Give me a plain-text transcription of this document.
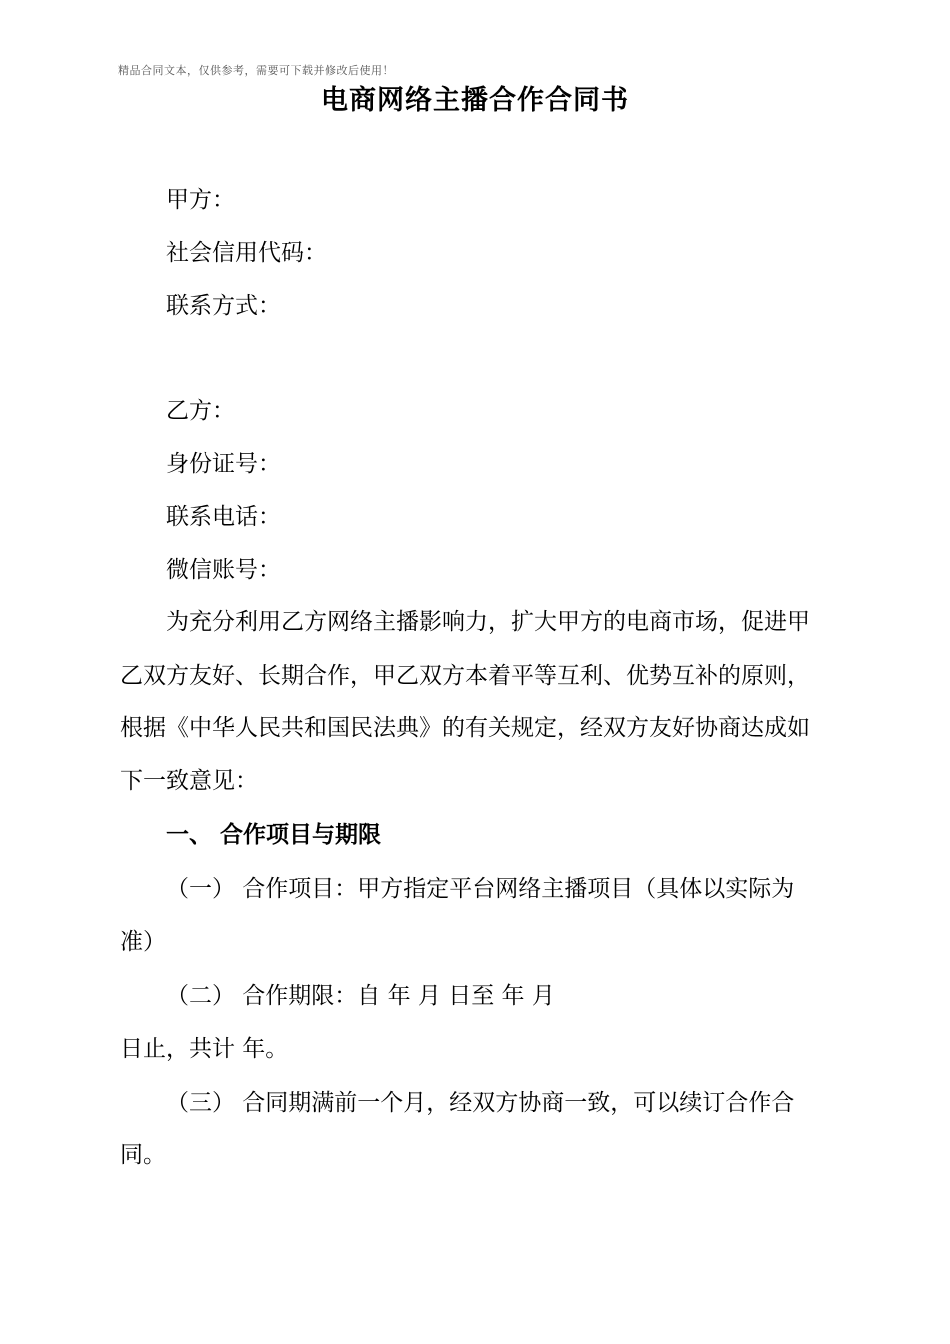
精品合同文本，仅供参考，需要可下载并修改后使用！
电商网络主播合作合同书
甲方：
社会信用代码：
联系方式：
乙方：
身份证号：
联系电话：
微信账号：
为充分利用乙方网络主播影响力，扩大甲方的电商市场，促进甲
乙双方友好、长期合作，甲乙双方本着平等互利、优势互补的原则，
根据《中华人民共和国民法典》的有关规定，经双方友好协商达成如
下一致意见：
一、 合作项目与期限
（一） 合作项目：甲方指定平台网络主播项目（具体以实际为
准）
（二） 合作期限：自 年 月 日至 年 月
日止，共计 年。
（三） 合同期满前一个月，经双方协商一致，可以续订合作合
同。
